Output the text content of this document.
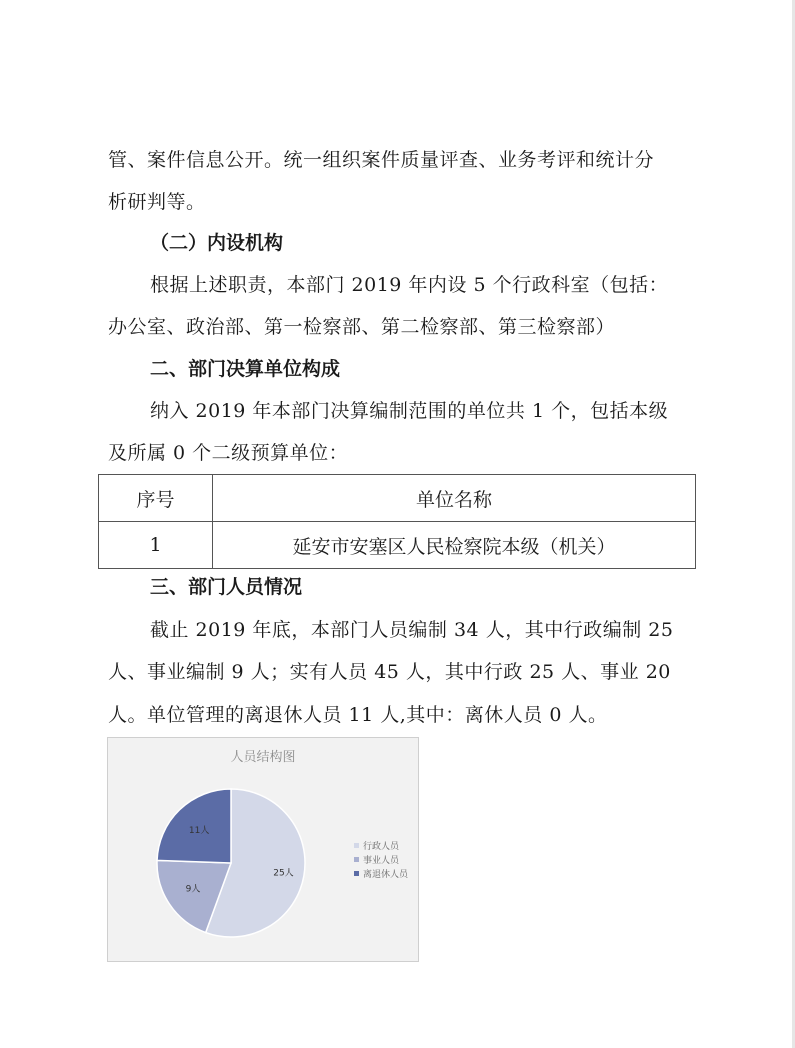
管、案件信息公开。统一组织案件质量评查、业务考评和统计分
析研判等。
（二）内设机构
根据上述职责，本部门 2019 年内设 5 个行政科室（包括：
办公室、政治部、第一检察部、第二检察部、第三检察部）
二、部门决算单位构成
纳入 2019 年本部门决算编制范围的单位共 1 个，包括本级
及所属 0 个二级预算单位：
序号	单位名称
1	延安市安塞区人民检察院本级（机关）
三、部门人员情况
截止 2019 年底，本部门人员编制 34 人，其中行政编制 25
人、事业编制 9 人；实有人员 45 人，其中行政 25 人、事业 20
人。单位管理的离退休人员 11 人,其中：离休人员 0 人。
人员结构图
25人
9人
11人
行政人员
事业人员
离退休人员
